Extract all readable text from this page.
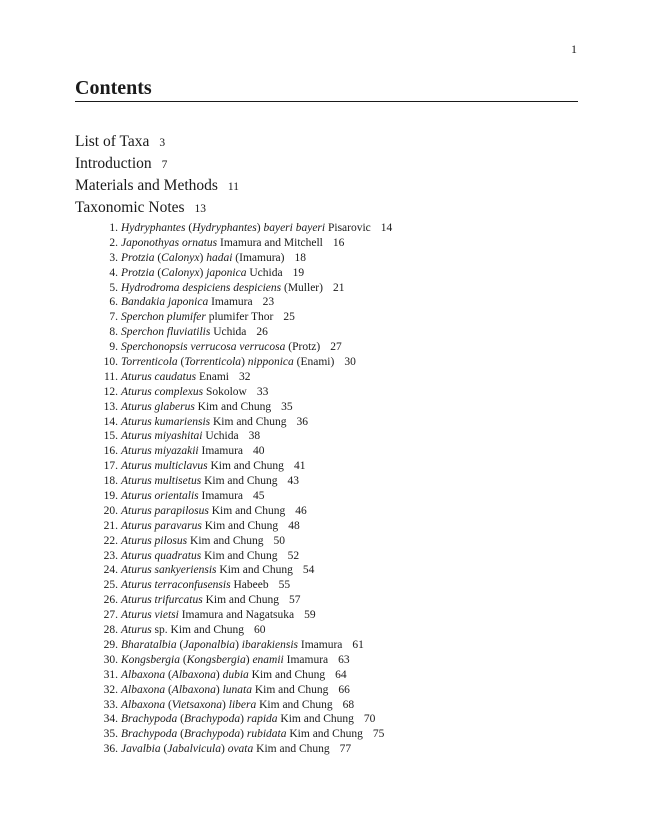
1
Contents
List of Taxa 3
Introduction 7
Materials and Methods 11
Taxonomic Notes 13
1. Hydryphantes (Hydryphantes) bayeri bayeri Pisarovic 14
2. Japonothyas ornatus Imamura and Mitchell 16
3. Protzia (Calonyx) hadai (Imamura) 18
4. Protzia (Calonyx) japonica Uchida 19
5. Hydrodroma despiciens despiciens (Muller) 21
6. Bandakia japonica Imamura 23
7. Sperchon plumifer plumifer Thor 25
8. Sperchon fluviatilis Uchida 26
9. Sperchonopsis verrucosa verrucosa (Protz) 27
10. Torrenticola (Torrenticola) nipponica (Enami) 30
11. Aturus caudatus Enami 32
12. Aturus complexus Sokolow 33
13. Aturus glaberus Kim and Chung 35
14. Aturus kumariensis Kim and Chung 36
15. Aturus miyashitai Uchida 38
16. Aturus miyazakii Imamura 40
17. Aturus multiclavus Kim and Chung 41
18. Aturus multisetus Kim and Chung 43
19. Aturus orientalis Imamura 45
20. Aturus parapilosus Kim and Chung 46
21. Aturus paravarus Kim and Chung 48
22. Aturus pilosus Kim and Chung 50
23. Aturus quadratus Kim and Chung 52
24. Aturus sankyeriensis Kim and Chung 54
25. Aturus terraconfusensis Habeeb 55
26. Aturus trifurcatus Kim and Chung 57
27. Aturus vietsi Imamura and Nagatsuka 59
28. Aturus sp. Kim and Chung 60
29. Bharatalbia (Japonalbia) ibarakiensis Imamura 61
30. Kongsbergia (Kongsbergia) enamii Imamura 63
31. Albaxona (Albaxona) dubia Kim and Chung 64
32. Albaxona (Albaxona) lunata Kim and Chung 66
33. Albaxona (Vietsaxona) libera Kim and Chung 68
34. Brachypoda (Brachypoda) rapida Kim and Chung 70
35. Brachypoda (Brachypoda) rubidata Kim and Chung 75
36. Javalbia (Jabalvicula) ovata Kim and Chung 77
